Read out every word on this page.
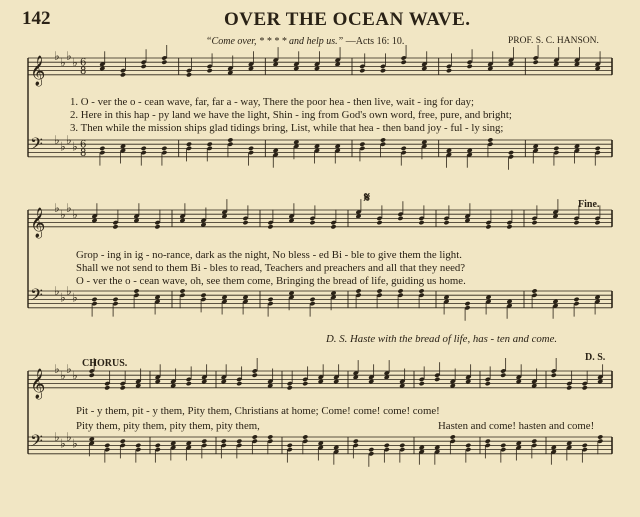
𝄞
𝄢
♭
♭
♭
♭
♭
♭
♭
♭
6
8
6
8
𝄞
𝄢
♭
♭
♭
♭
♭
♭
♭
♭
𝄞
𝄢
♭
♭
♭
♭
♭
♭
♭
♭
142	OVER THE OCEAN WAVE.
“Come over, * * * * and help us.” —Acts 16: 10.	PROF. S. C. HANSON.
1. O - ver the o - cean wave, far, far a - way, There the poor hea - then live, wait - ing for day;
2. Here in this hap - py land we have the light, Shin - ing from God's own word, free, pure, and bright;
3. Then while the mission ships glad tidings bring, List, while that hea - then band joy - ful - ly sing;
𝄋	Fine.
Grop - ing in ig - no-rance, dark as the night, No bless - ed Bi - ble to give them the light.
Shall we not send to them Bi - bles to read, Teachers and preachers and all that they need?
O - ver the o - cean wave, oh, see them come, Bringing the bread of life, guiding us home.
D. S. Haste with the bread of life, has - ten and come.
CHORUS.
D. S.
Pit - y them, pit - y them, Pity them, Christians at home; Come! come! come! come!
Pity them, pity them, pity them, pity them,	Hasten and come! hasten and come!
